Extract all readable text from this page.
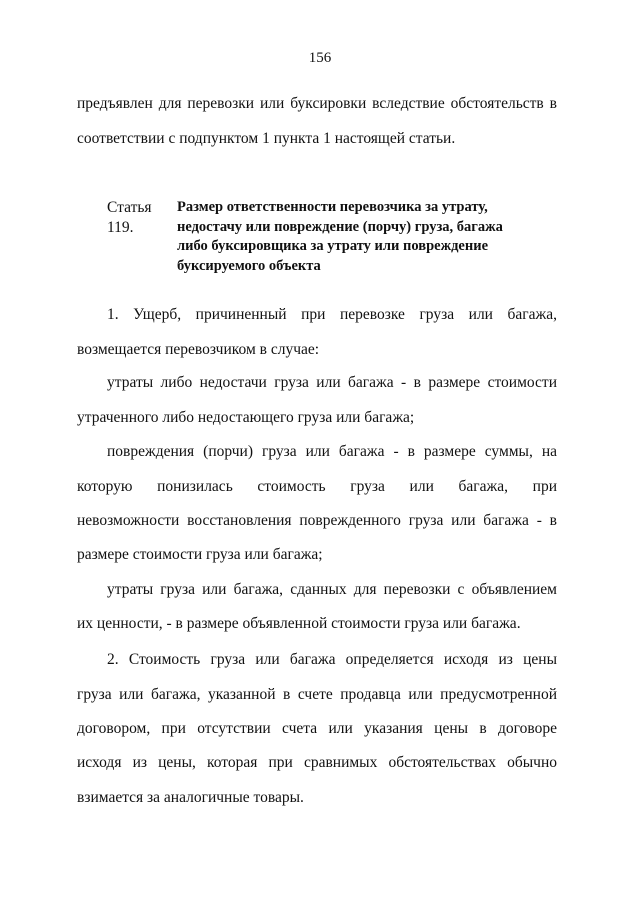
156
предъявлен для перевозки или буксировки вследствие обстоятельств в
соответствии с подпунктом 1 пункта 1 настоящей статьи.
Статья 119.
Размер ответственности перевозчика за утрату,
недостачу или повреждение (порчу) груза, багажа
либо буксировщика за утрату или повреждение
буксируемого объекта
1. Ущерб, причиненный при перевозке груза или багажа,
возмещается перевозчиком в случае:
утраты либо недостачи груза или багажа - в размере стоимости
утраченного либо недостающего груза или багажа;
повреждения (порчи) груза или багажа - в размере суммы, на
которую понизилась стоимость груза или багажа, при
невозможности восстановления поврежденного груза или багажа - в
размере стоимости груза или багажа;
утраты груза или багажа, сданных для перевозки с объявлением
их ценности, - в размере объявленной стоимости груза или багажа.
2. Стоимость груза или багажа определяется исходя из цены
груза или багажа, указанной в счете продавца или предусмотренной
договором, при отсутствии счета или указания цены в договоре
исходя из цены, которая при сравнимых обстоятельствах обычно
взимается за аналогичные товары.
